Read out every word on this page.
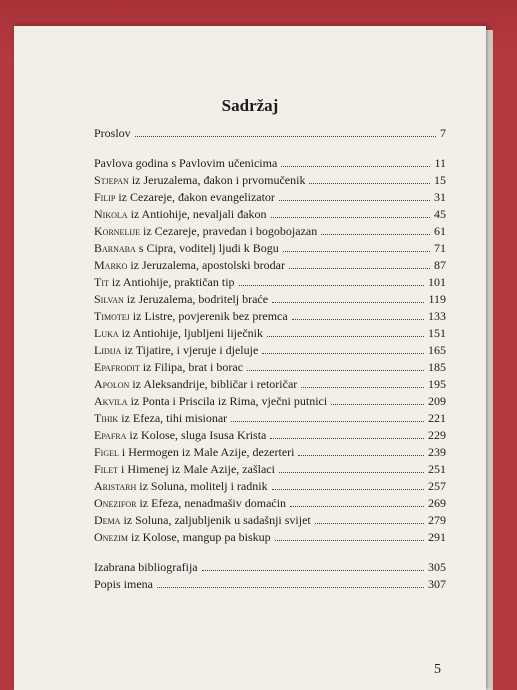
Sadržaj
Proslov	7
Pavlova godina s Pavlovim učenicima	11
Stjepan iz Jeruzalema, đakon i prvomučenik	15
Filip iz Cezareje, đakon evangelizator	31
Nikola iz Antiohije, nevaljali đakon	45
Kornelije iz Cezareje, pravedan i bogobojazan	61
Barnaba s Cipra, voditelj ljudi k Bogu	71
Marko iz Jeruzalema, apostolski brodar	87
Tit iz Antiohije, praktičan tip	101
Silvan iz Jeruzalema, bodritelj braće	119
Timotej iz Listre, povjerenik bez premca	133
Luka iz Antiohije, ljubljeni liječnik	151
Lidija iz Tijatire, i vjeruje i djeluje	165
Epafrodit iz Filipa, brat i borac	185
Apolon iz Aleksandrije, bibličar i retoričar	195
Akvila iz Ponta i Priscila iz Rima, vječni putnici	209
Tihik iz Efeza, tihi misionar	221
Epafra iz Kolose, sluga Isusa Krista	229
Figel i Hermogen iz Male Azije, dezerteri	239
Filet i Himenej iz Male Azije, zašlaci	251
Aristarh iz Soluna, molitelj i radnik	257
Onezifor iz Efeza, nenadmašiv domaćin	269
Dema iz Soluna, zaljubljenik u sadašnji svijet	279
Onezim iz Kolose, mangup pa biskup	291
Izabrana bibliografija	305
Popis imena	307
5
